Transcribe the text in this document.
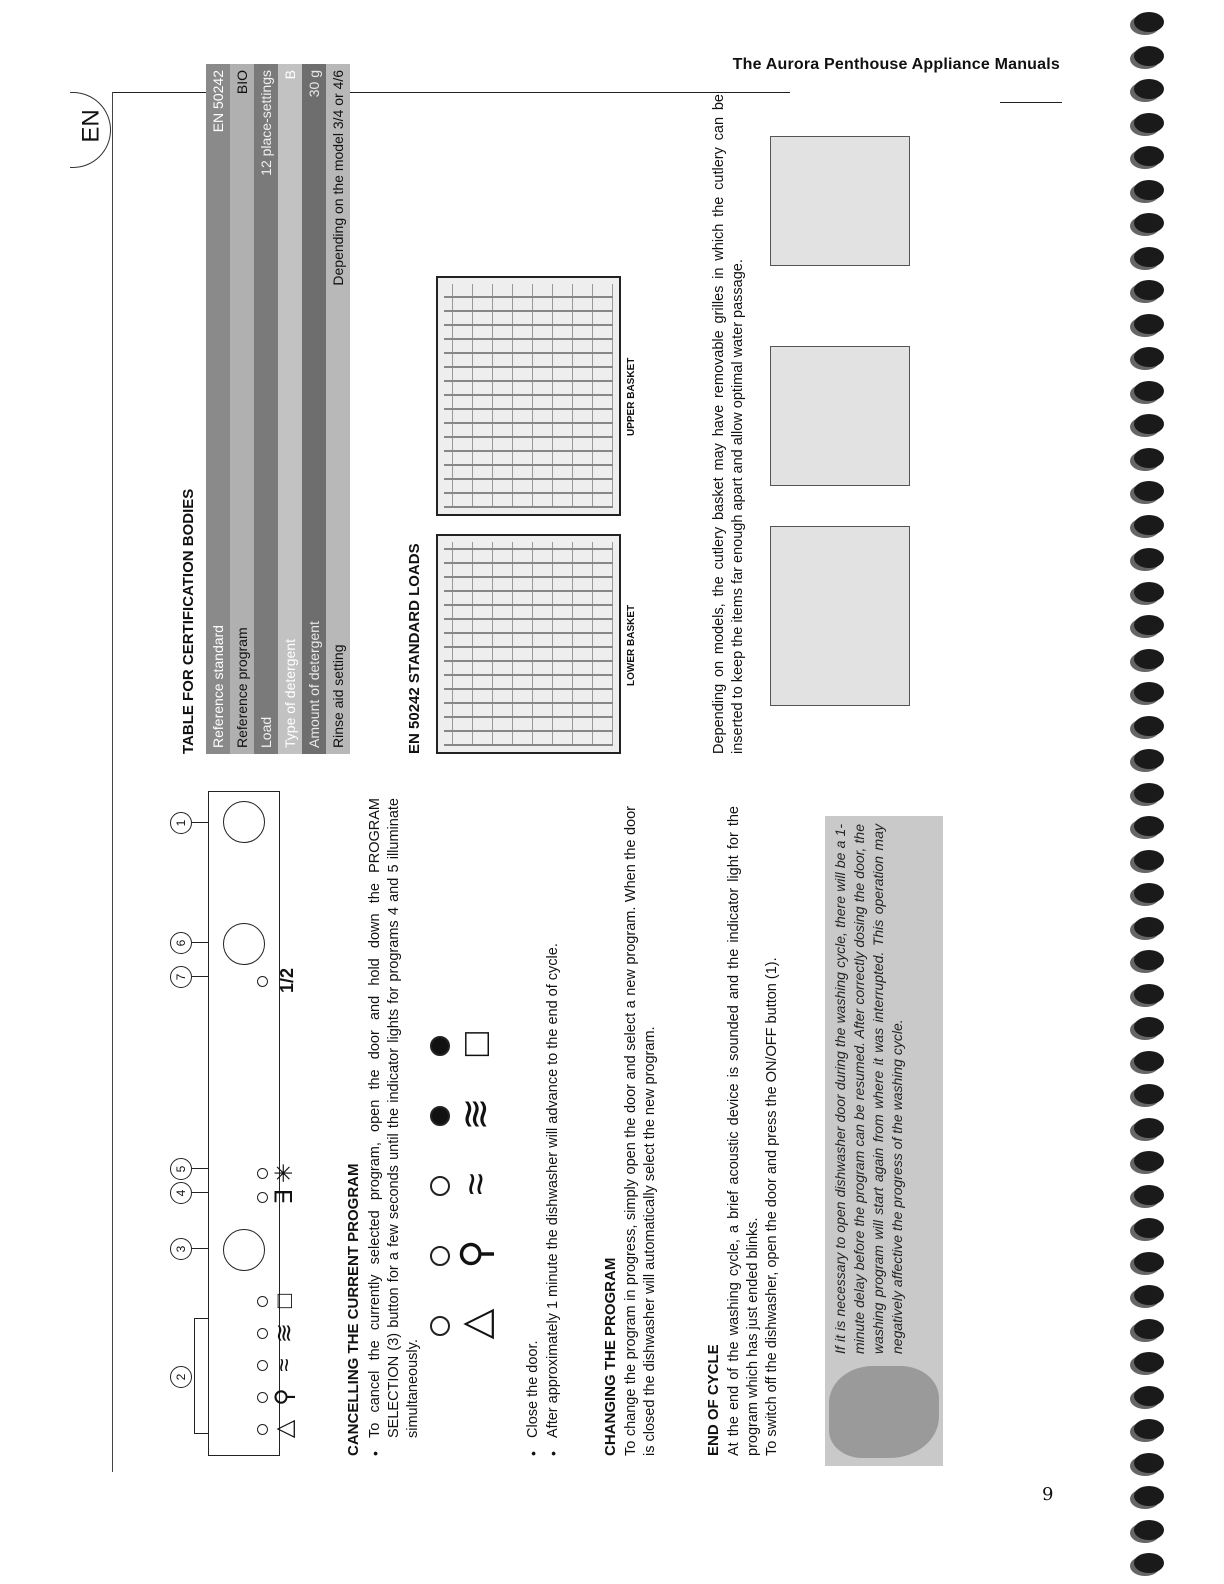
The Aurora Penthouse Appliance Manuals
EN
2
3
4
5
7
6
1
△
⚲
≈
≋
□
∃
✳
1/2
CANCELLING THE CURRENT PROGRAM • To cancel the currently selected program, open the door and hold down the PROGRAM SELECTION (3) button for a few seconds until the indicator lights for programs 4 and 5 illuminate simultaneously.
△
⚲
≈
≋
□
• Close the door. • After approximately 1 minute the dishwasher will advance to the end of cycle.	CHANGING THE PROGRAM To change the program in progress, simply open the door and select a new program. When the door is closed the dishwasher will automatically select the new program.	END OF CYCLE At the end of the washing cycle, a brief acoustic device is sounded and the indicator light for the program which has just ended blinks. To switch off the dishwasher, open the door and press the ON/OFF button (1).	If it is necessary to open dishwasher door during the washing cycle, there will be a 1-minute delay before the program can be resumed. After correctly dosing the door, the washing program will start again from where it was interrupted. This operation may negatively affective the progress of the washing cycle.
TABLE FOR CERTIFICATION BODIES Reference standard	EN 50242
Reference program	BIO
Load	12 place-settings
Type of detergent	B
Amount of detergent	30 g
Rinse aid setting	Depending on the model 3/4 or 4/6
EN 50242 STANDARD LOADS	LOWER BASKET
UPPER BASKET	Depending on models, the cutlery basket may have removable grilles in which the cutlery can be inserted to keep the items far enough apart and allow optimal water passage.
9
